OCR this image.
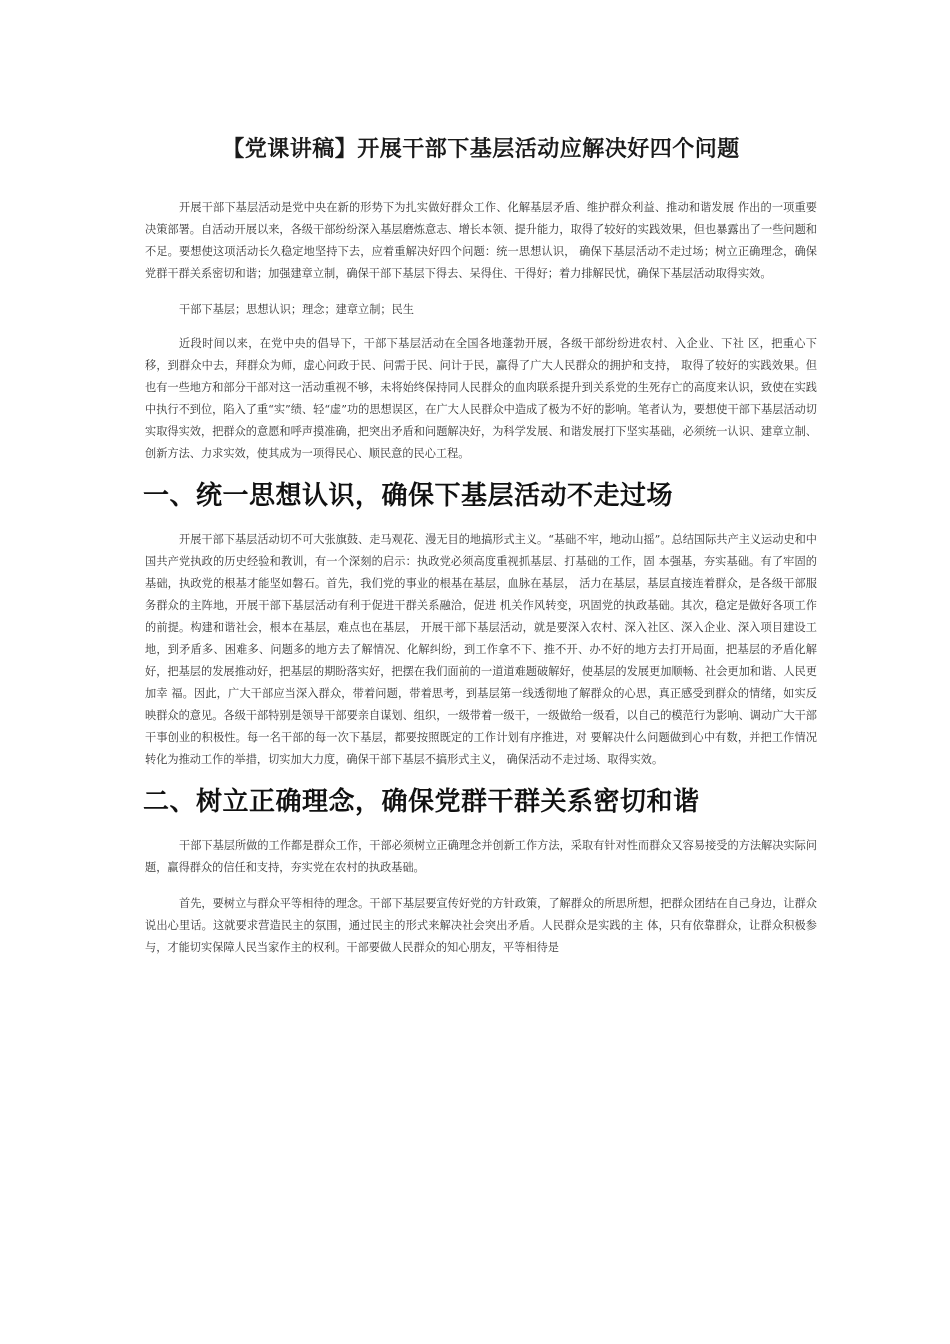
【党课讲稿】开展干部下基层活动应解决好四个问题

开展干部下基层活动是党中央在新的形势下为扎实做好群众工作、化解基层矛盾、维护群众利益、推动和谐发展 作出的一项重要决策部署。自活动开展以来，各级干部纷纷深入基层磨炼意志、增长本领、提升能力，取得了较好的实践效果，但也暴露出了一些问题和不足。要想使这项活动长久稳定地坚持下去，应着重解决好四个问题：统一思想认识， 确保下基层活动不走过场；树立正确理念，确保党群干群关系密切和谐；加强建章立制，确保干部下基层下得去、呆得住、干得好；着力排解民忧，确保下基层活动取得实效。

干部下基层；思想认识；理念；建章立制；民生

近段时间以来，在党中央的倡导下，干部下基层活动在全国各地蓬勃开展，各级干部纷纷进农村、入企业、下社 区，把重心下移，到群众中去，拜群众为师，虚心问政于民、问需于民、问计于民，赢得了广大人民群众的拥护和支持， 取得了较好的实践效果。但也有一些地方和部分干部对这一活动重视不够，未将始终保持同人民群众的血肉联系提升到关系党的生死存亡的高度来认识，致使在实践中执行不到位，陷入了重“实”绩、轻“虚”功的思想误区，在广大人民群众中造成了极为不好的影响。笔者认为，要想使干部下基层活动切实取得实效，把群众的意愿和呼声摸准确，把突出矛盾和问题解决好，为科学发展、和谐发展打下坚实基础，必须统一认识、建章立制、创新方法、力求实效，使其成为一项得民心、顺民意的民心工程。

一、统一思想认识，确保下基层活动不走过场

开展干部下基层活动切不可大张旗鼓、走马观花、漫无目的地搞形式主义。“基础不牢，地动山摇”。总结国际共产主义运动史和中国共产党执政的历史经验和教训，有一个深刻的启示：执政党必须高度重视抓基层、打基础的工作，固 本强基，夯实基础。有了牢固的基础，执政党的根基才能坚如磐石。首先，我们党的事业的根基在基层，血脉在基层， 活力在基层，基层直接连着群众，是各级干部服务群众的主阵地，开展干部下基层活动有利于促进干群关系融洽，促进 机关作风转变，巩固党的执政基础。其次，稳定是做好各项工作的前提。构建和谐社会，根本在基层，难点也在基层， 开展干部下基层活动，就是要深入农村、深入社区、深入企业、深入项目建设工地，到矛盾多、困难多、问题多的地方去了解情况、化解纠纷，到工作拿不下、推不开、办不好的地方去打开局面，把基层的矛盾化解好，把基层的发展推动好，把基层的期盼落实好，把摆在我们面前的一道道难题破解好，使基层的发展更加顺畅、社会更加和谐、人民更加幸 福。因此，广大干部应当深入群众，带着问题，带着思考，到基层第一线透彻地了解群众的心思，真正感受到群众的情绪，如实反映群众的意见。各级干部特别是领导干部要亲自谋划、组织，一级带着一级干，一级做给一级看，以自己的模范行为影响、调动广大干部干事创业的积极性。每一名干部的每一次下基层，都要按照既定的工作计划有序推进，对 要解决什么问题做到心中有数，并把工作情况转化为推动工作的举措，切实加大力度，确保干部下基层不搞形式主义， 确保活动不走过场、取得实效。

二、树立正确理念，确保党群干群关系密切和谐

干部下基层所做的工作都是群众工作，干部必须树立正确理念并创新工作方法，采取有针对性而群众又容易接受的方法解决实际问题，赢得群众的信任和支持，夯实党在农村的执政基础。

首先，要树立与群众平等相待的理念。干部下基层要宣传好党的方针政策，了解群众的所思所想，把群众团结在自己身边，让群众说出心里话。这就要求营造民主的氛围，通过民主的形式来解决社会突出矛盾。人民群众是实践的主 体，只有依靠群众，让群众积极参与，才能切实保障人民当家作主的权利。干部要做人民群众的知心朋友，平等相待是
